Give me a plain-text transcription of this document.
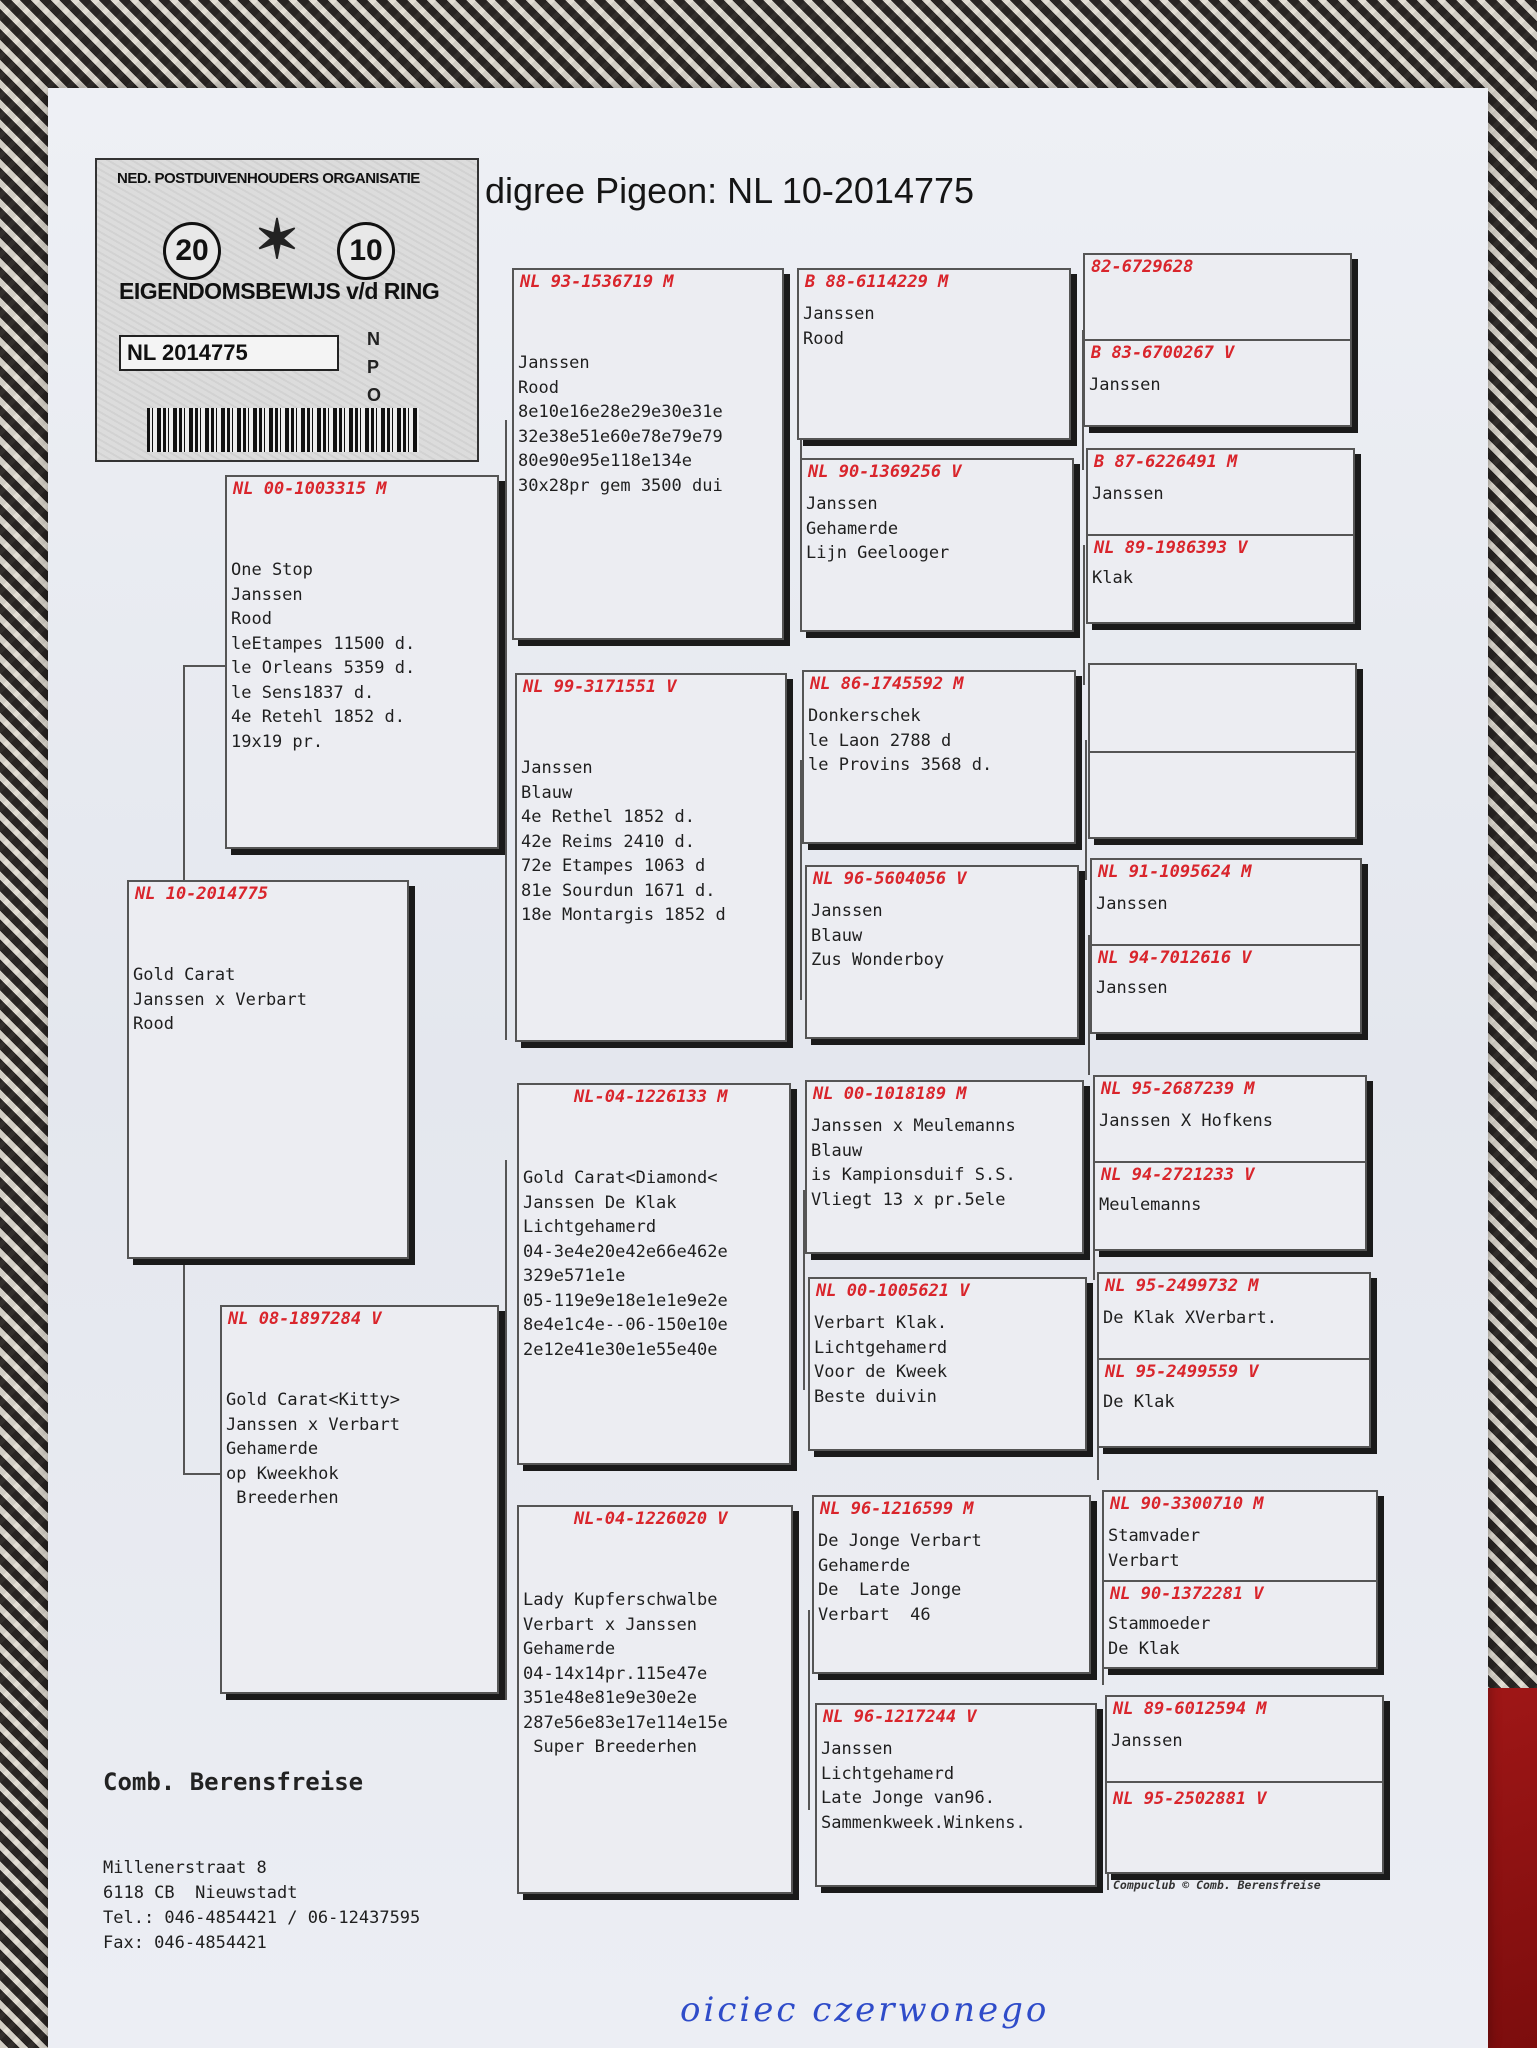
NED. POSTDUIVENHOUDERS ORGANISATIE
20 ✶	10
EIGENDOMSBEWIJS v/d RING
NL 2014775
N
P
O
digree Pigeon: NL 10-2014775
NL 10-2014775

Gold Carat
Janssen x Verbart
Rood

NL 00-1003315 M

One Stop
Janssen
Rood
leEtampes 11500 d.
le Orleans 5359 d.
le Sens1837 d.
4e Retehl 1852 d.
19x19 pr.

NL 08-1897284 V

Gold Carat<Kitty>
Janssen x Verbart
Gehamerde
op Kweekhok
Breederhen

NL 93-1536719 M

Janssen
Rood
8e10e16e28e29e30e31e
32e38e51e60e78e79e79
80e90e95e118e134e
30x28pr gem 3500 dui

NL 99-3171551 V

Janssen
Blauw
4e Rethel 1852 d.
42e Reims 2410 d.
72e Etampes 1063 d
81e Sourdun 1671 d.
18e Montargis 1852 d

NL-04-1226133 M

Gold Carat<Diamond<
Janssen De Klak
Lichtgehamerd
04-3e4e20e42e66e462e
329e571e1e
05-119e9e18e1e1e9e2e
8e4e1c4e--06-150e10e
2e12e41e30e1e55e40e

NL-04-1226020 V

Lady Kupferschwalbe
Verbart x Janssen
Gehamerde
04-14x14pr.115e47e
351e48e81e9e30e2e
287e56e83e17e114e15e
Super Breederhen

B 88-6114229 M
Janssen
Rood
NL 90-1369256 V
Janssen
Gehamerde
Lijn Geelooger
NL 86-1745592 M
Donkerschek
le Laon 2788 d
le Provins 3568 d.
NL 96-5604056 V
Janssen
Blauw
Zus Wonderboy
NL 00-1018189 M
Janssen x Meulemanns
Blauw
is Kampionsduif S.S.
Vliegt 13 x pr.5ele
NL 00-1005621 V
Verbart Klak.
Lichtgehamerd
Voor de Kweek
Beste duivin
NL 96-1216599 M
De Jonge Verbart
Gehamerde
De  Late Jonge
Verbart  46
NL 96-1217244 V
Janssen
Lichtgehamerd
Late Jonge van96.
Sammenkweek.Winkens.
82-6729628
B 83-6700267 V
Janssen
B 87-6226491 M
Janssen
NL 89-1986393 V
Klak
NL 91-1095624 M
Janssen
NL 94-7012616 V
Janssen
NL 95-2687239 M
Janssen X Hofkens
NL 94-2721233 V
Meulemanns
NL 95-2499732 M
De Klak XVerbart.
NL 95-2499559 V
De Klak
NL 90-3300710 M
Stamvader
Verbart
NL 90-1372281 V
Stammoeder
De Klak
NL 89-6012594 M
Janssen
NL 95-2502881 V
Comb. Berensfreise

Millenerstraat 8
6118 CB  Nieuwstadt
Tel.: 046-4854421 / 06-12437595
Fax: 046-4854421

Compuclub © Comb. Berensfreise
oiciec czerwonego
